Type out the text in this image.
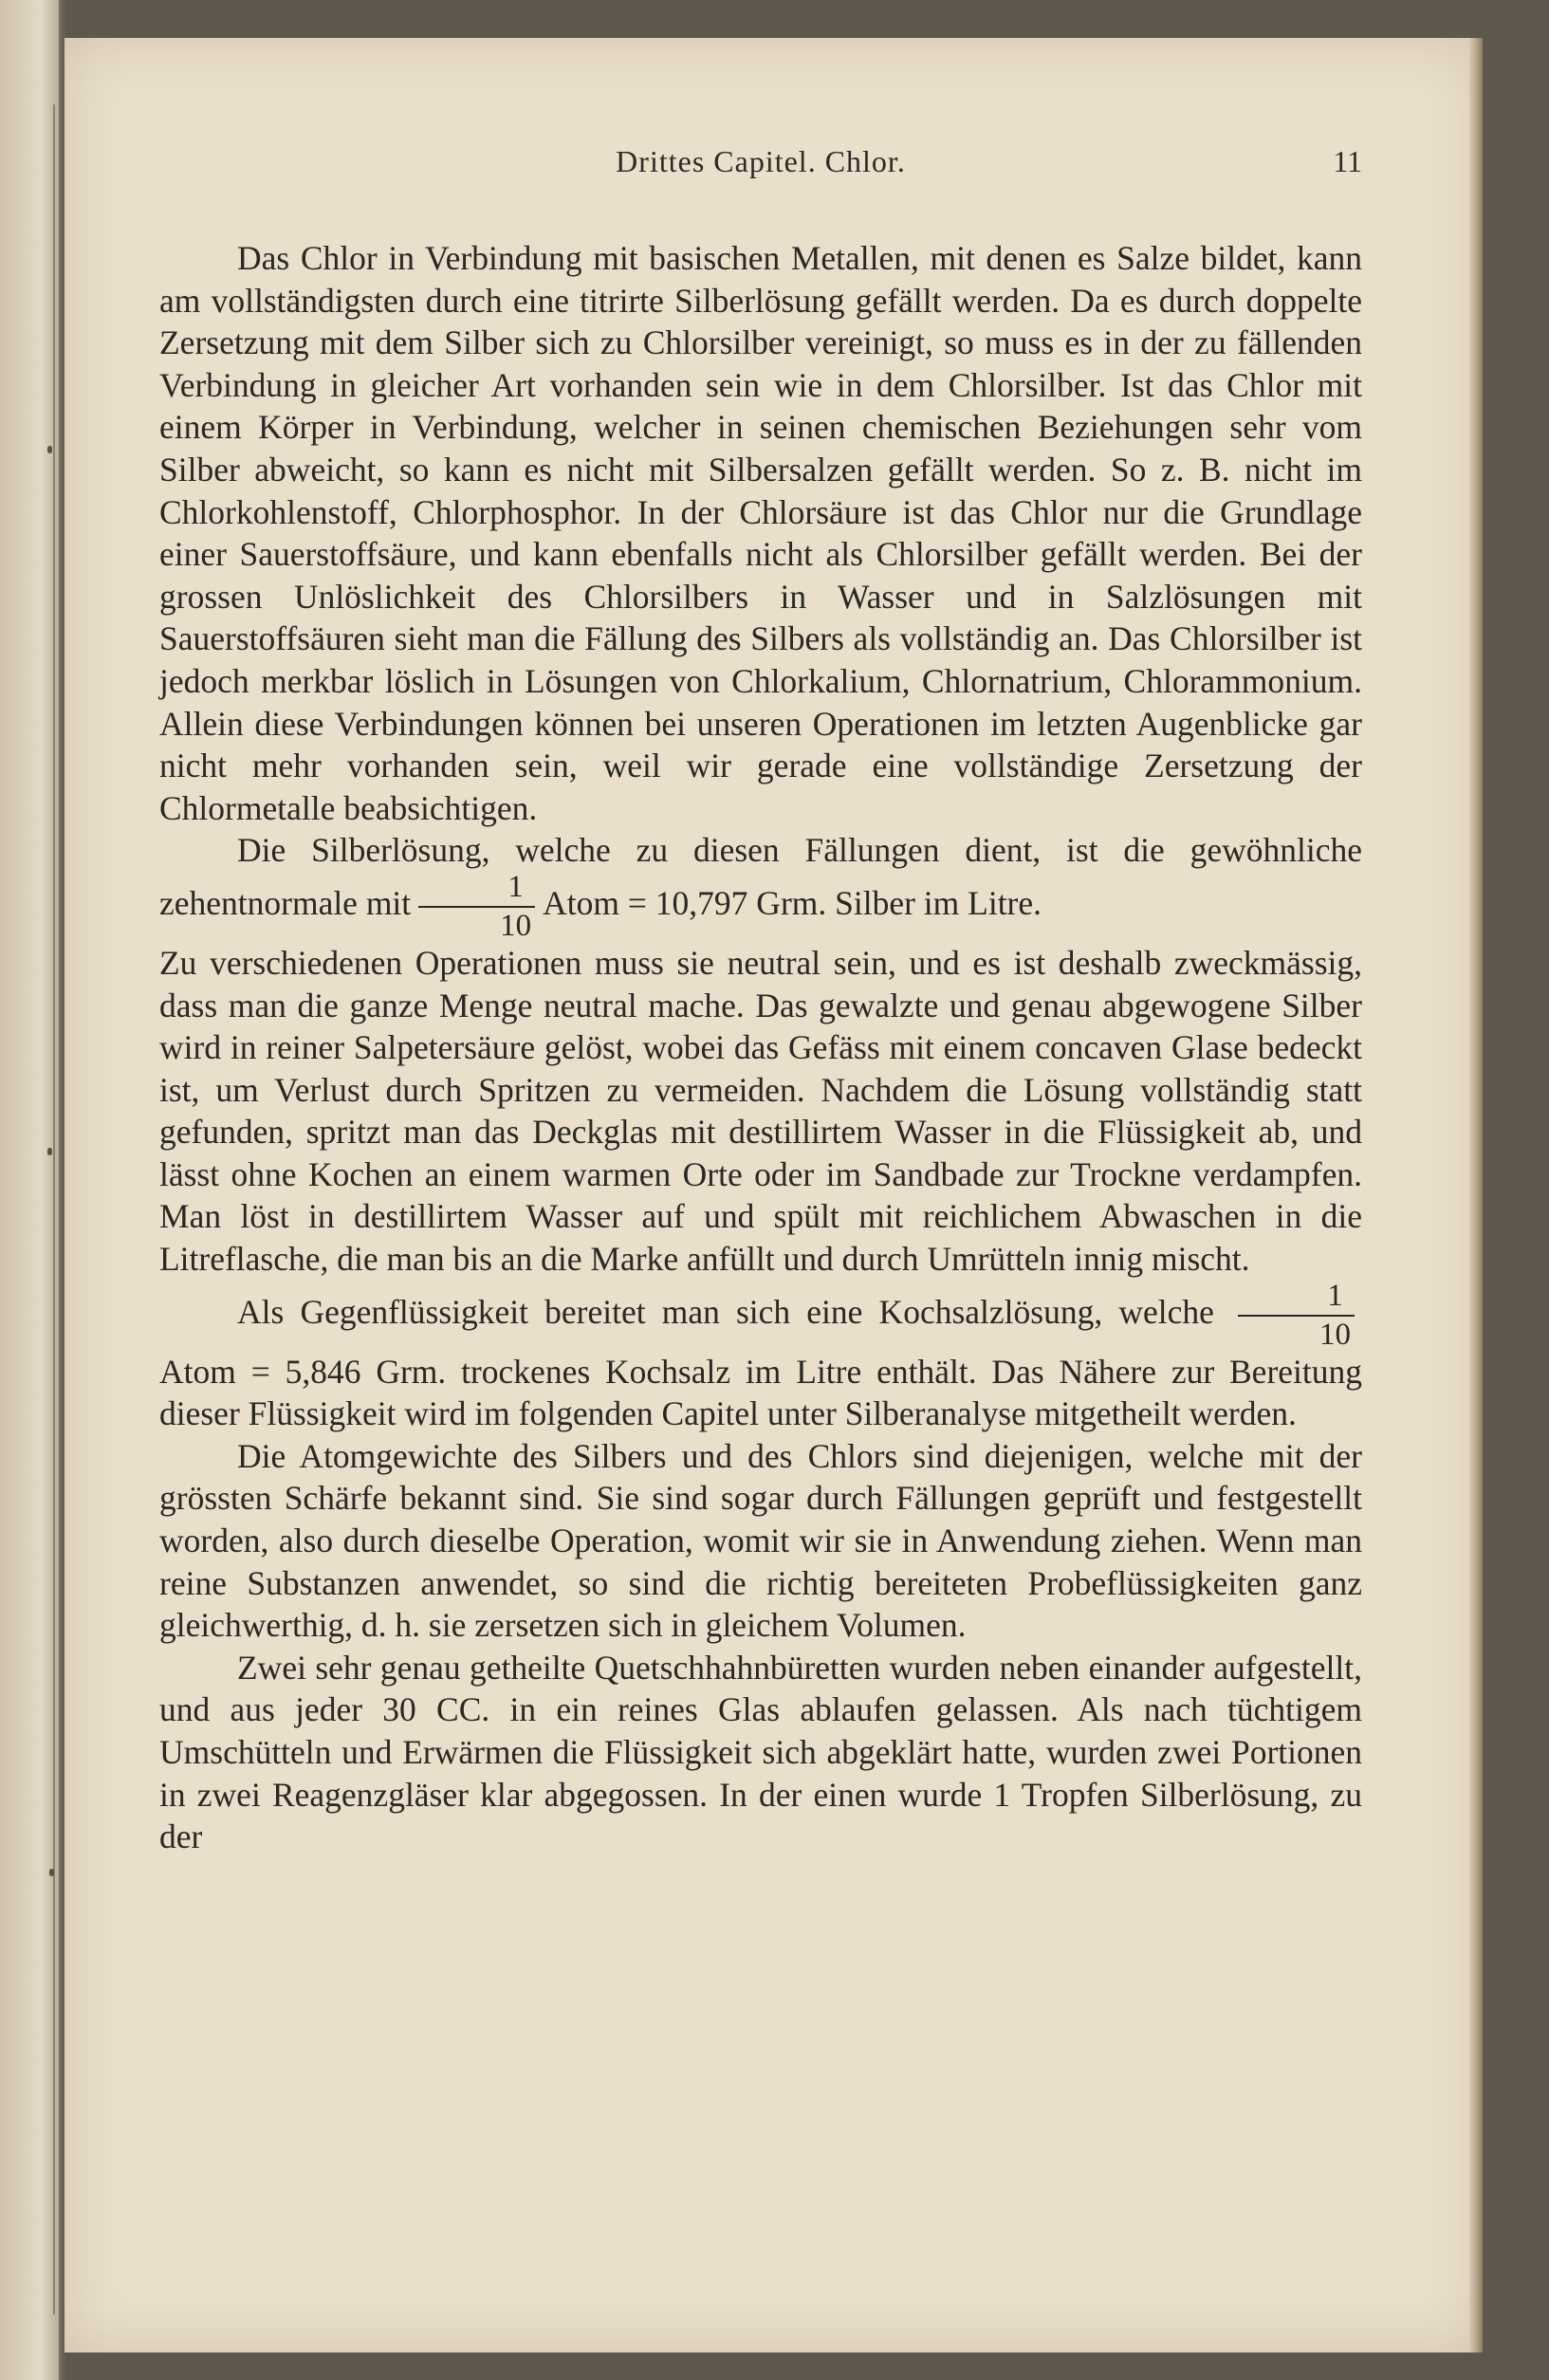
Drittes Capitel. Chlor.	11

Das Chlor in Verbindung mit basischen Metallen, mit denen es Salze bildet, kann am vollständigsten durch eine titrirte Silberlösung gefällt werden. Da es durch doppelte Zersetzung mit dem Silber sich zu Chlorsilber vereinigt, so muss es in der zu fällenden Verbindung in gleicher Art vorhanden sein wie in dem Chlorsilber. Ist das Chlor mit einem Körper in Verbindung, welcher in seinen chemischen Beziehungen sehr vom Silber abweicht, so kann es nicht mit Silbersalzen gefällt werden. So z. B. nicht im Chlorkohlenstoff, Chlorphosphor. In der Chlorsäure ist das Chlor nur die Grundlage einer Sauerstoffsäure, und kann ebenfalls nicht als Chlorsilber gefällt werden. Bei der grossen Unlöslichkeit des Chlorsilbers in Wasser und in Salzlösungen mit Sauerstoffsäuren sieht man die Fällung des Silbers als vollständig an. Das Chlorsilber ist jedoch merkbar löslich in Lösungen von Chlorkalium, Chlornatrium, Chlorammonium. Allein diese Verbindungen können bei unseren Operationen im letzten Augenblicke gar nicht mehr vorhanden sein, weil wir gerade eine vollständige Zersetzung der Chlormetalle beabsichtigen.

Die Silberlösung, welche zu diesen Fällungen dient, ist die gewöhnliche zehentnormale mit $\frac{1}{10}$ Atom = 10,797 Grm. Silber im Litre.

Zu verschiedenen Operationen muss sie neutral sein, und es ist deshalb zweckmässig, dass man die ganze Menge neutral mache. Das gewalzte und genau abgewogene Silber wird in reiner Salpetersäure gelöst, wobei das Gefäss mit einem concaven Glase bedeckt ist, um Verlust durch Spritzen zu vermeiden. Nachdem die Lösung vollständig statt gefunden, spritzt man das Deckglas mit destillirtem Wasser in die Flüssigkeit ab, und lässt ohne Kochen an einem warmen Orte oder im Sandbade zur Trockne verdampfen. Man löst in destillirtem Wasser auf und spült mit reichlichem Abwaschen in die Litreflasche, die man bis an die Marke anfüllt und durch Umrütteln innig mischt.

Als Gegenflüssigkeit bereitet man sich eine Kochsalzlösung, welche $\frac{1}{10}$
Atom = 5,846 Grm. trockenes Kochsalz im Litre enthält. Das Nähere zur Bereitung dieser Flüssigkeit wird im folgenden Capitel unter Silberanalyse mitgetheilt werden.

Die Atomgewichte des Silbers und des Chlors sind diejenigen, welche mit der grössten Schärfe bekannt sind. Sie sind sogar durch Fällungen geprüft und festgestellt worden, also durch dieselbe Operation, womit wir sie in Anwendung ziehen. Wenn man reine Substanzen anwendet, so sind die richtig bereiteten Probeflüssigkeiten ganz gleichwerthig, d. h. sie zersetzen sich in gleichem Volumen.

Zwei sehr genau getheilte Quetschhahnbüretten wurden neben einander aufgestellt, und aus jeder 30 CC. in ein reines Glas ablaufen gelassen. Als nach tüchtigem Umschütteln und Erwärmen die Flüssigkeit sich abgeklärt hatte, wurden zwei Portionen in zwei Reagenzgläser klar abgegossen. In der einen wurde 1 Tropfen Silberlösung, zu der
